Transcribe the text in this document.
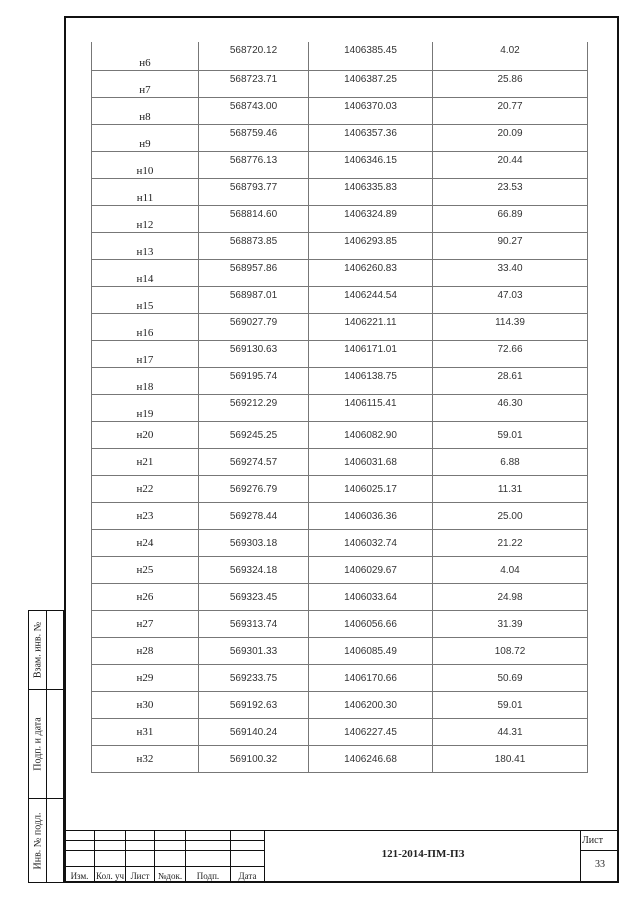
Взам. инв. №
Подп. и дата
Инв. № подл.
н6	568720.12	1406385.45	4.02
н7	568723.71	1406387.25	25.86
н8	568743.00	1406370.03	20.77
н9	568759.46	1406357.36	20.09
н10	568776.13	1406346.15	20.44
н11	568793.77	1406335.83	23.53
н12	568814.60	1406324.89	66.89
н13	568873.85	1406293.85	90.27
н14	568957.86	1406260.83	33.40
н15	568987.01	1406244.54	47.03
н16	569027.79	1406221.11	114.39
н17	569130.63	1406171.01	72.66
н18	569195.74	1406138.75	28.61
н19	569212.29	1406115.41	46.30
н20	569245.25	1406082.90	59.01
н21	569274.57	1406031.68	6.88
н22	569276.79	1406025.17	11.31
н23	569278.44	1406036.36	25.00
н24	569303.18	1406032.74	21.22
н25	569324.18	1406029.67	4.04
н26	569323.45	1406033.64	24.98
н27	569313.74	1406056.66	31.39
н28	569301.33	1406085.49	108.72
н29	569233.75	1406170.66	50.69
н30	569192.63	1406200.30	59.01
н31	569140.24	1406227.45	44.31
н32	569100.32	1406246.68	180.41
Изм. Кол. уч Лист №док.	Подп.	Дата
121-2014-ПМ-ПЗ
Лист
33
